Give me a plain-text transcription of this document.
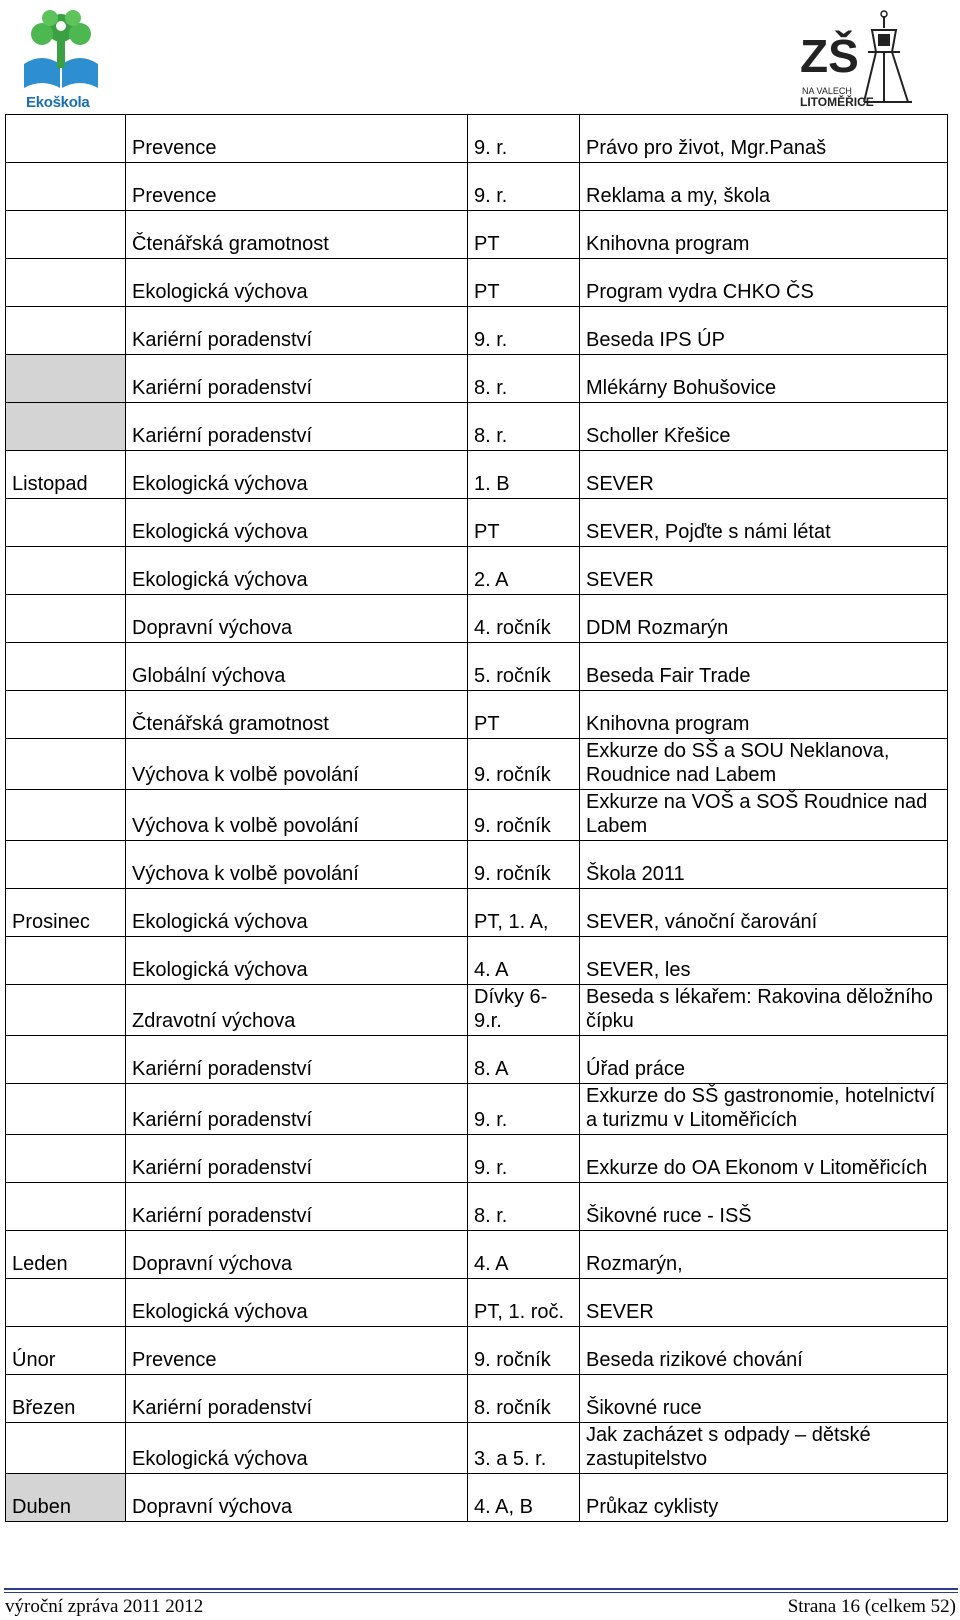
Ekoškola
ZŠ
NA VALECH
LITOMĚŘICE
	Prevence	9. r.	Právo pro život, Mgr.Panaš
	Prevence	9. r.	Reklama a my, škola
	Čtenářská gramotnost	PT	Knihovna program
	Ekologická výchova	PT	Program vydra CHKO ČS
	Kariérní poradenství	9. r.	Beseda IPS ÚP
	Kariérní poradenství	8. r.	Mlékárny Bohušovice
	Kariérní poradenství	8. r.	Scholler Křešice
Listopad	Ekologická výchova	1. B	SEVER
	Ekologická výchova	PT	SEVER, Pojďte s námi létat
	Ekologická výchova	2. A	SEVER
	Dopravní výchova	4. ročník	DDM Rozmarýn
	Globální výchova	5. ročník	Beseda Fair Trade
	Čtenářská gramotnost	PT	Knihovna program
	Výchova k volbě povolání	9. ročník	Exkurze do SŠ a SOU Neklanova, Roudnice nad Labem
	Výchova k volbě povolání	9. ročník	Exkurze na VOŠ a SOŠ Roudnice nad Labem
	Výchova k volbě povolání	9. ročník	Škola 2011
Prosinec	Ekologická výchova	PT, 1. A,	SEVER, vánoční čarování
	Ekologická výchova	4. A	SEVER, les
	Zdravotní výchova	Dívky 6-9.r.	Beseda s lékařem: Rakovina děložního čípku
	Kariérní poradenství	8. A	Úřad práce
	Kariérní poradenství	9. r.	Exkurze do SŠ gastronomie, hotelnictví a turizmu v Litoměřicích
	Kariérní poradenství	9. r.	Exkurze do OA Ekonom v Litoměřicích
	Kariérní poradenství	8. r.	Šikovné ruce - ISŠ
Leden	Dopravní výchova	4. A	Rozmarýn,
	Ekologická výchova	PT, 1. roč.	SEVER
Únor	Prevence	9. ročník	Beseda rizikové chování
Březen	Kariérní poradenství	8. ročník	Šikovné ruce
	Ekologická výchova	3. a 5. r.	Jak zacházet s odpady – dětské zastupitelstvo
Duben	Dopravní výchova	4. A, B	Průkaz cyklisty
výroční zpráva 2011 2012	Strana 16 (celkem 52)
